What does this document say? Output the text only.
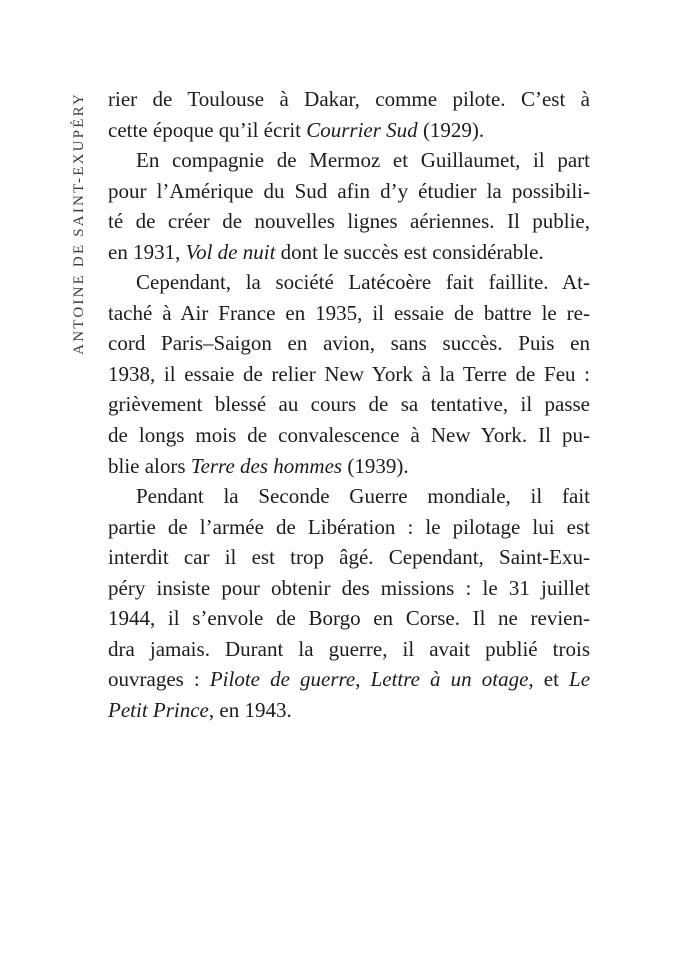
ANTOINE DE SAINT-EXUPÉRY rier de Toulouse à Dakar, comme pilote. C’est à
cette époque qu’il écrit Courrier Sud (1929).
En compagnie de Mermoz et Guillaumet, il part
pour l’Amérique du Sud afin d’y étudier la possibili-
té de créer de nouvelles lignes aériennes. Il publie,
en 1931, Vol de nuit dont le succès est considérable.
Cependant, la société Latécoère fait faillite. At-
taché à Air France en 1935, il essaie de battre le re-
cord Paris–Saigon en avion, sans succès. Puis en
1938, il essaie de relier New York à la Terre de Feu :
grièvement blessé au cours de sa tentative, il passe
de longs mois de convalescence à New York. Il pu-
blie alors Terre des hommes (1939).
Pendant la Seconde Guerre mondiale, il fait
partie de l’armée de Libération : le pilotage lui est
interdit car il est trop âgé. Cependant, Saint-Exu-
péry insiste pour obtenir des missions : le 31 juillet
1944, il s’envole de Borgo en Corse. Il ne revien-
dra jamais. Durant la guerre, il avait publié trois
ouvrages : Pilote de guerre, Lettre à un otage, et Le
Petit Prince, en 1943.
